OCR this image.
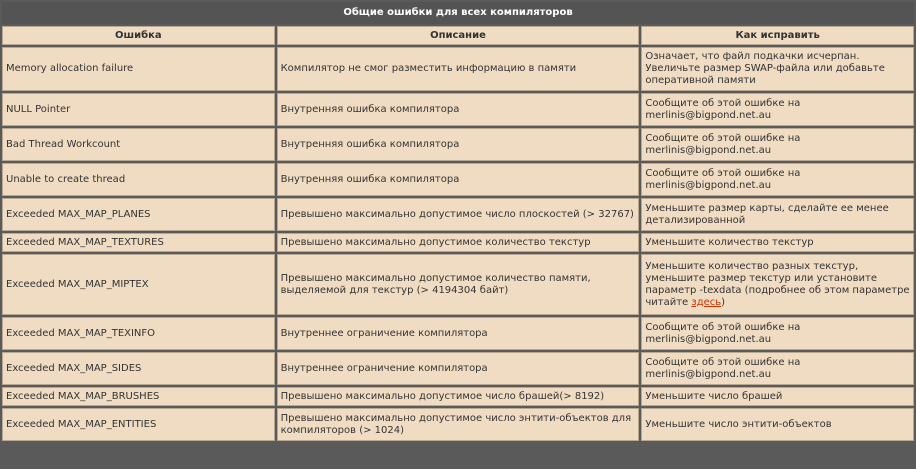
Общие ошибки для всех компиляторов		
Ошибка	Описание	Как исправить
Memory allocation failure	Компилятор не смог разместить информацию в памяти	Означает, что файл подкачки исчерпан. Увеличьте размер SWAP-файла или добавьте оперативной памяти
NULL Pointer	Внутренняя ошибка компилятора	Сообщите об этой ошибке на merlinis@bigpond.net.au
Bad Thread Workcount	Внутренняя ошибка компилятора	Сообщите об этой ошибке на merlinis@bigpond.net.au
Unable to create thread	Внутренняя ошибка компилятора	Сообщите об этой ошибке на merlinis@bigpond.net.au
Exceeded MAX_MAP_PLANES	Превышено максимально допустимое число плоскостей (> 32767)	Уменьшите размер карты, сделайте ее менее детализированной
Exceeded MAX_MAP_TEXTURES	Превышено максимально допустимое количество текстур	Уменьшите количество текстур
Exceeded MAX_MAP_MIPTEX	Превышено максимально допустимое количество памяти, выделяемой для текстур (> 4194304 байт)	Уменьшите количество разных текстур, уменьшите размер текстур или установите параметр -texdata (подробнее об этом параметре читайте здесь)
Exceeded MAX_MAP_TEXINFO	Внутреннее ограничение компилятора	Сообщите об этой ошибке на merlinis@bigpond.net.au
Exceeded MAX_MAP_SIDES	Внутреннее ограничение компилятора	Сообщите об этой ошибке на merlinis@bigpond.net.au
Exceeded MAX_MAP_BRUSHES	Превышено максимально допустимое число брашей(> 8192)	Уменьшите число брашей
Exceeded MAX_MAP_ENTITIES	Превышено максимально допустимое число энтити-объектов для компиляторов (> 1024)	Уменьшите число энтити-объектов
